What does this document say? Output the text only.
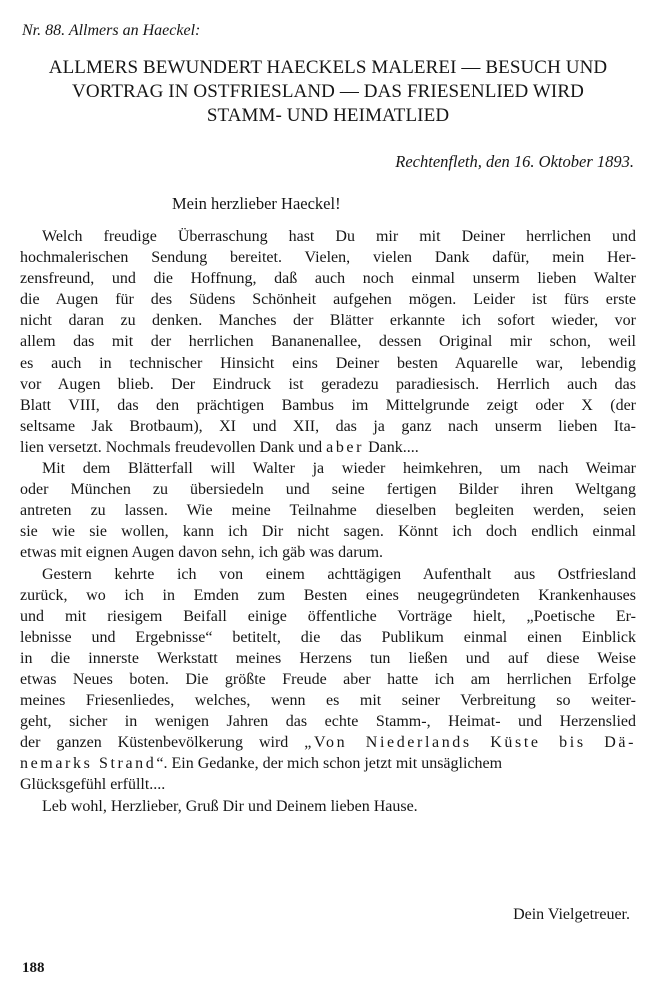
Nr. 88. Allmers an Haeckel:
ALLMERS BEWUNDERT HAECKELS MALEREI — BESUCH UND
VORTRAG IN OSTFRIESLAND — DAS FRIESENLIED WIRD
STAMM- UND HEIMATLIED
Rechtenfleth, den 16. Oktober 1893.
Mein herzlieber Haeckel!
Welch freudige Überraschung hast Du mir mit Deiner herrlichen und
hochmalerischen Sendung bereitet. Vielen, vielen Dank dafür, mein Her-
zensfreund, und die Hoffnung, daß auch noch einmal unserm lieben Walter
die Augen für des Südens Schönheit aufgehen mögen. Leider ist fürs erste
nicht daran zu denken. Manches der Blätter erkannte ich sofort wieder, vor
allem das mit der herrlichen Bananenallee, dessen Original mir schon, weil
es auch in technischer Hinsicht eins Deiner besten Aquarelle war, lebendig
vor Augen blieb. Der Eindruck ist geradezu paradiesisch. Herrlich auch das
Blatt VIII, das den prächtigen Bambus im Mittelgrunde zeigt oder X (der
seltsame Jak Brotbaum), XI und XII, das ja ganz nach unserm lieben Ita-
lien versetzt. Nochmals freudevollen Dank und aber Dank....
Mit dem Blätterfall will Walter ja wieder heimkehren, um nach Weimar
oder München zu übersiedeln und seine fertigen Bilder ihren Weltgang
antreten zu lassen. Wie meine Teilnahme dieselben begleiten werden, seien
sie wie sie wollen, kann ich Dir nicht sagen. Könnt ich doch endlich einmal
etwas mit eignen Augen davon sehn, ich gäb was darum.
Gestern kehrte ich von einem achttägigen Aufenthalt aus Ostfriesland
zurück, wo ich in Emden zum Besten eines neugegründeten Krankenhauses
und mit riesigem Beifall einige öffentliche Vorträge hielt, „Poetische Er-
lebnisse und Ergebnisse“ betitelt, die das Publikum einmal einen Einblick
in die innerste Werkstatt meines Herzens tun ließen und auf diese Weise
etwas Neues boten. Die größte Freude aber hatte ich am herrlichen Erfolge
meines Friesenliedes, welches, wenn es mit seiner Verbreitung so weiter-
geht, sicher in wenigen Jahren das echte Stamm-, Heimat- und Herzenslied
der ganzen Küstenbevölkerung wird „Von Niederlands Küste bis Dä-
nemarks Strand“. Ein Gedanke, der mich schon jetzt mit unsäglichem
Glücksgefühl erfüllt....
Leb wohl, Herzlieber, Gruß Dir und Deinem lieben Hause.
Dein Vielgetreuer.
188
